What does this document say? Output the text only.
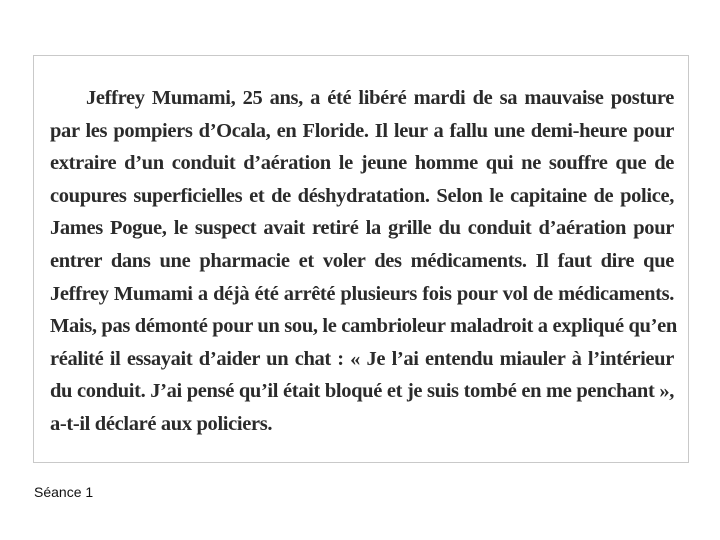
Jeffrey Mumami, 25 ans, a été libéré mardi de sa mauvaise posture
par les pompiers d’Ocala, en Floride. Il leur a fallu une demi-heure pour
extraire d’un conduit d’aération le jeune homme qui ne souffre que de
coupures superficielles et de déshydratation. Selon le capitaine de police,
James Pogue, le suspect avait retiré la grille du conduit d’aération pour
entrer dans une pharmacie et voler des médicaments. Il faut dire que
Jeffrey Mumami a déjà été arrêté plusieurs fois pour vol de médicaments.
Mais, pas démonté pour un sou, le cambrioleur maladroit a expliqué qu’en
réalité il essayait d’aider un chat : « Je l’ai entendu miauler à l’intérieur
du conduit. J’ai pensé qu’il était bloqué et je suis tombé en me penchant »,
a-t-il déclaré aux policiers.
Séance 1
